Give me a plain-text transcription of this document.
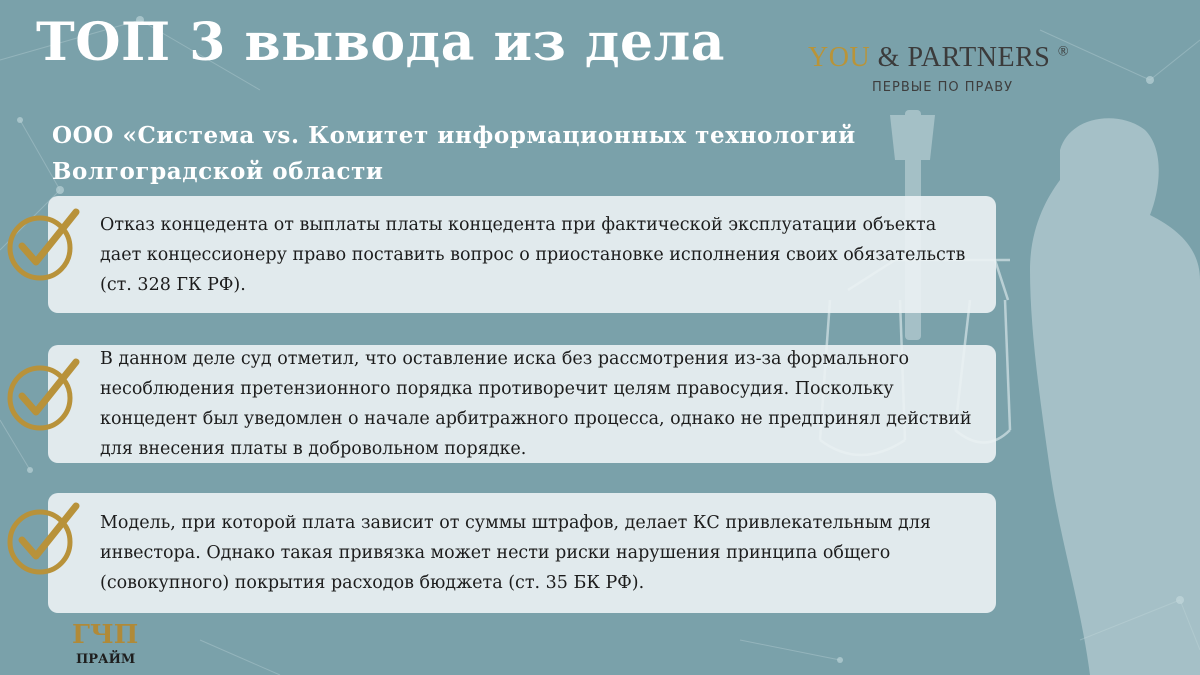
ТОП 3 вывода из дела	YOU & PARTNERS ®
ПЕРВЫЕ ПО ПРАВУ
ООО «Система vs. Комитет информационных технологий Волгоградской области
Отказ концедента от выплаты платы концедента при фактической эксплуатации объекта дает концессионеру право поставить вопрос о приостановке исполнения своих обязательств (ст. 328 ГК РФ).
В данном деле суд отметил, что оставление иска без рассмотрения из-за формального несоблюдения претензионного порядка противоречит целям правосудия. Поскольку концедент был уведомлен о начале арбитражного процесса, однако не предпринял действий для внесения платы в добровольном порядке.
Модель, при которой плата зависит от суммы штрафов, делает КС привлекательным для инвестора. Однако такая привязка может нести риски нарушения принципа общего (совокупного) покрытия расходов бюджета (ст. 35 БК РФ).
ГЧП
ПРАЙМ
